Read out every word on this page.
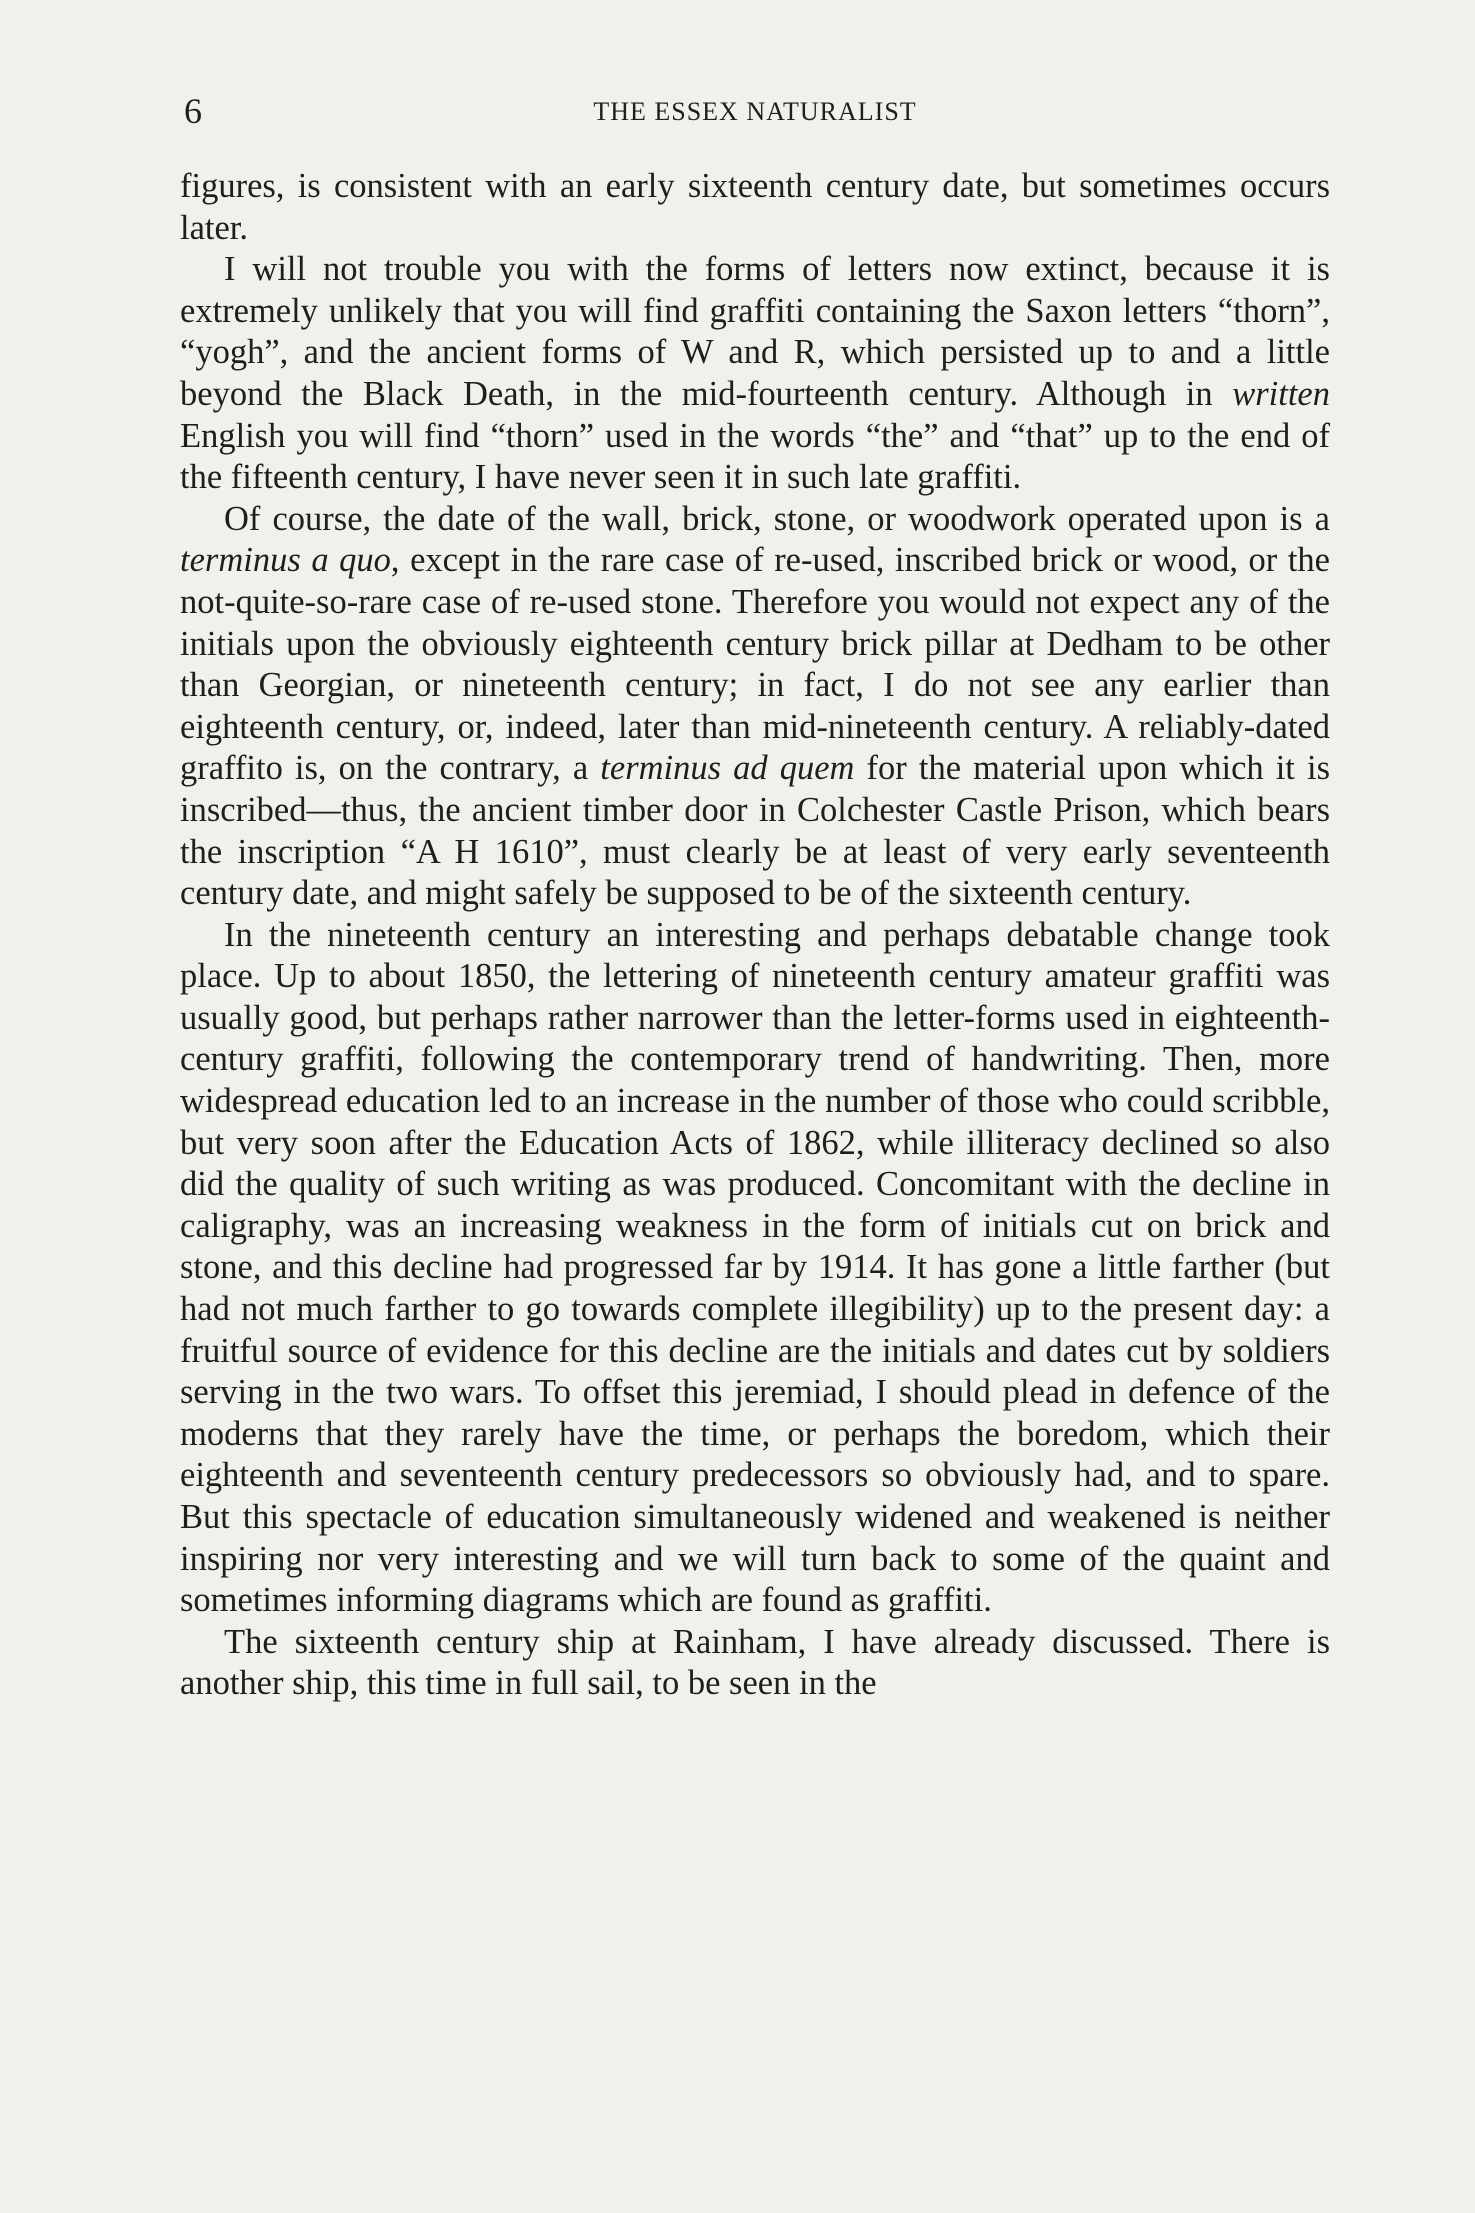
6	THE ESSEX NATURALIST

figures, is consistent with an early sixteenth century date, but sometimes occurs later.

I will not trouble you with the forms of letters now extinct, because it is extremely unlikely that you will find graffiti containing the Saxon letters “thorn”, “yogh”, and the ancient forms of W and R, which persisted up to and a little beyond the Black Death, in the mid-fourteenth century. Although in written English you will find “thorn” used in the words “the” and “that” up to the end of the fifteenth century, I have never seen it in such late graffiti.

Of course, the date of the wall, brick, stone, or woodwork operated upon is a terminus a quo, except in the rare case of re-used, inscribed brick or wood, or the not-quite-so-rare case of re-used stone. Therefore you would not expect any of the initials upon the obviously eighteenth century brick pillar at Dedham to be other than Georgian, or nineteenth century; in fact, I do not see any earlier than eighteenth century, or, indeed, later than mid-nineteenth century. A reliably-dated graffito is, on the contrary, a terminus ad quem for the material upon which it is inscribed—thus, the ancient timber door in Colchester Castle Prison, which bears the inscription “A H 1610”, must clearly be at least of very early seventeenth century date, and might safely be supposed to be of the sixteenth century.

In the nineteenth century an interesting and perhaps debatable change took place. Up to about 1850, the lettering of nineteenth century amateur graffiti was usually good, but perhaps rather narrower than the letter-forms used in eighteenth-century graffiti, following the contemporary trend of handwriting. Then, more widespread education led to an increase in the number of those who could scribble, but very soon after the Education Acts of 1862, while illiteracy declined so also did the quality of such writing as was produced. Concomitant with the decline in caligraphy, was an increasing weakness in the form of initials cut on brick and stone, and this decline had progressed far by 1914. It has gone a little farther (but had not much farther to go towards complete illegibility) up to the present day: a fruitful source of evidence for this decline are the initials and dates cut by soldiers serving in the two wars. To offset this jeremiad, I should plead in defence of the moderns that they rarely have the time, or perhaps the boredom, which their eighteenth and seventeenth century predecessors so obviously had, and to spare. But this spectacle of education simultaneously widened and weakened is neither inspiring nor very interesting and we will turn back to some of the quaint and sometimes informing diagrams which are found as graffiti.

The sixteenth century ship at Rainham, I have already discussed. There is another ship, this time in full sail, to be seen in the
